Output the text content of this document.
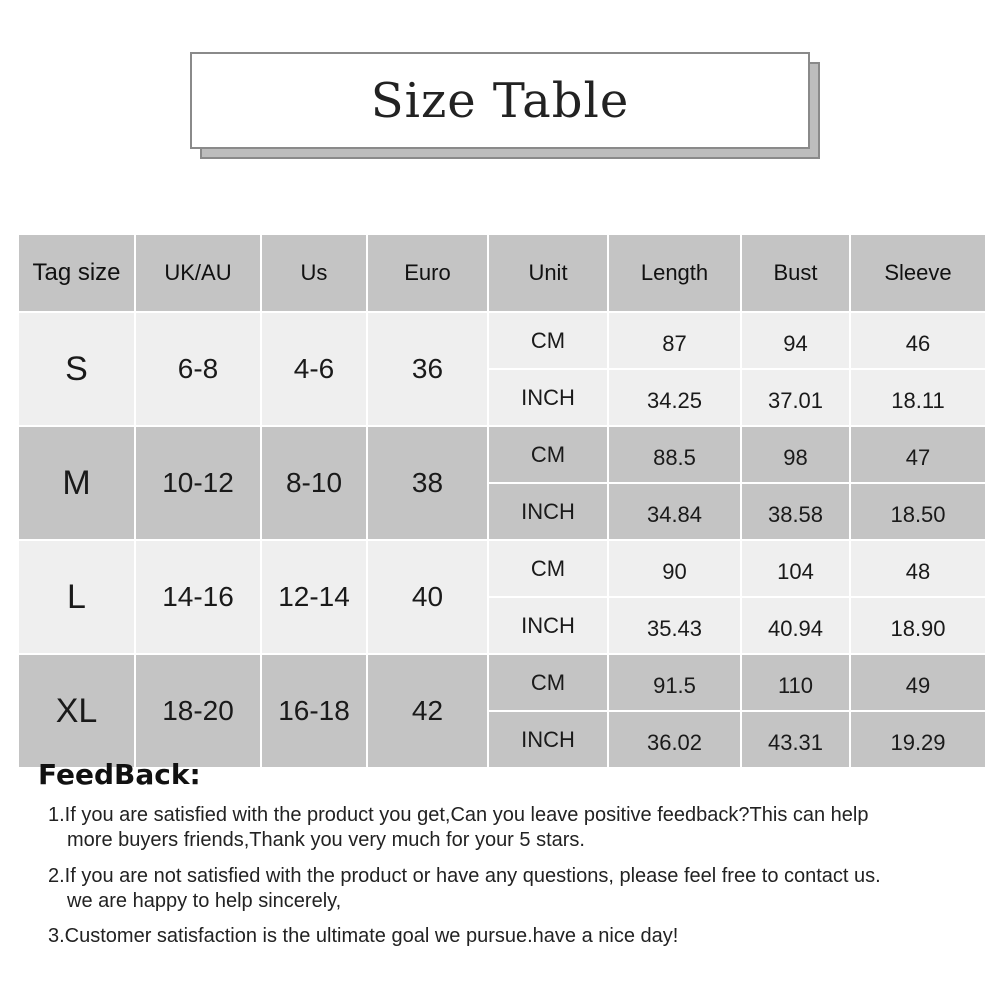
Size Table
Tag size	UK/AU	Us	Euro	Unit	Length	Bust	Sleeve
S	6-8	4-6	36	CM	87	94	46
				INCH	34.25	37.01	18.11
M	10-12	8-10	38	CM	88.5	98	47
				INCH	34.84	38.58	18.50
L	14-16	12-14	40	CM	90	104	48
				INCH	35.43	40.94	18.90
XL	18-20	16-18	42	CM	91.5	110	49
				INCH	36.02	43.31	19.29
FeedBack:
1.If you are satisfied with the product you get,Can you leave positive feedback?This can help
more buyers friends,Thank you very much for your 5 stars.
2.If you are not satisfied with the product or have any questions, please feel free to contact us.
we are happy to help sincerely,
3.Customer satisfaction is the ultimate goal we pursue.have a nice day!
